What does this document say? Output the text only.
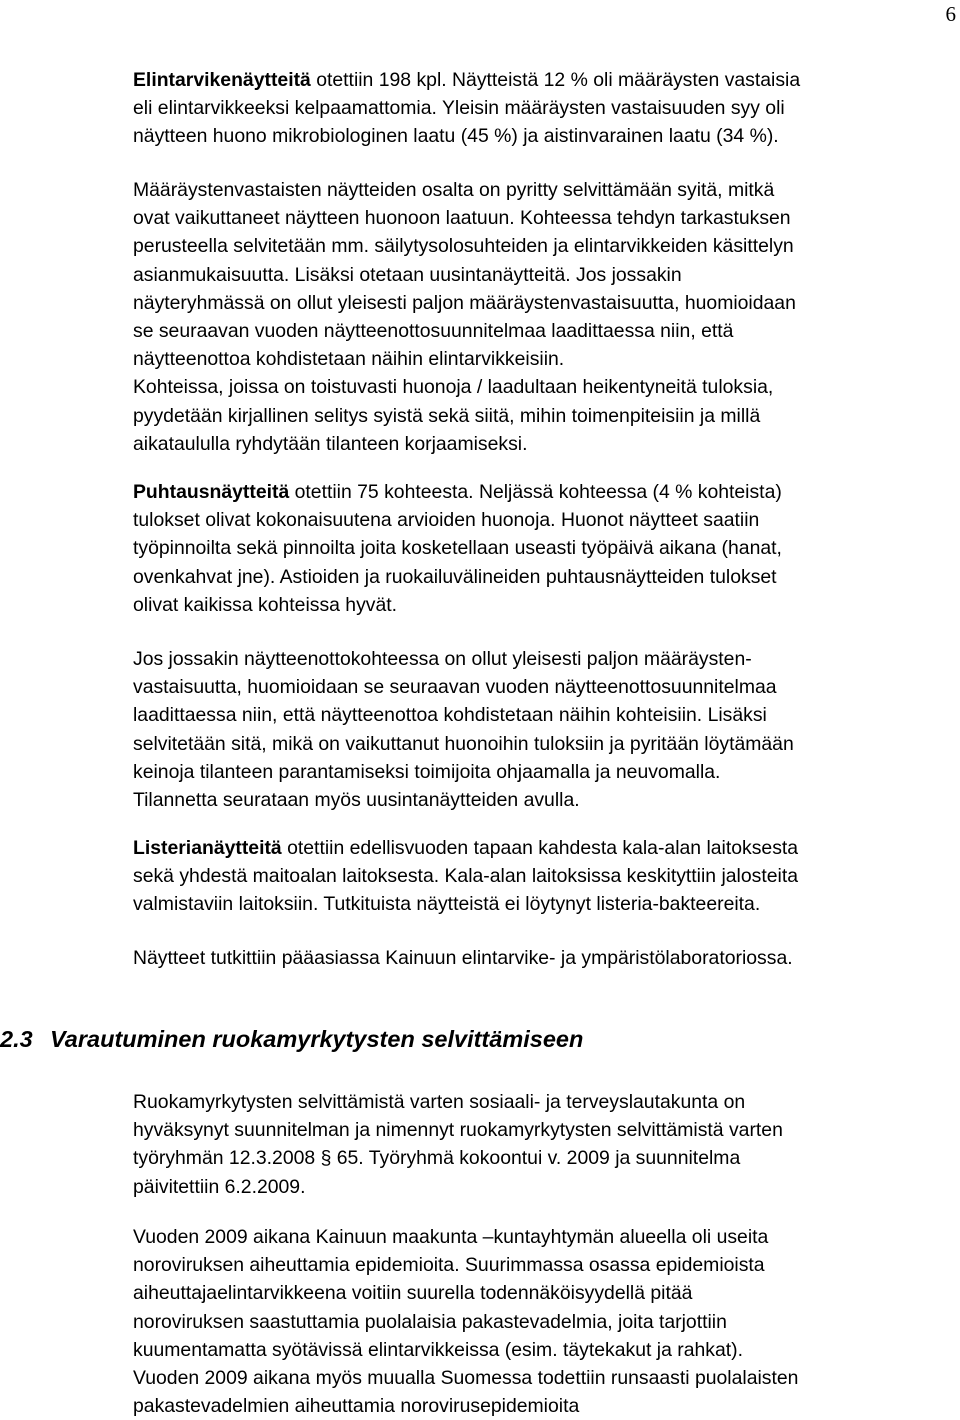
6

Elintarvikenäytteitä otettiin 198 kpl. Näytteistä 12 % oli määräysten vastaisia
eli elintarvikkeeksi kelpaamattomia. Yleisin määräysten vastaisuuden syy oli
näytteen huono mikrobiologinen laatu (45 %) ja aistinvarainen laatu (34 %).

Määräystenvastaisten näytteiden osalta on pyritty selvittämään syitä, mitkä
ovat vaikuttaneet näytteen huonoon laatuun. Kohteessa tehdyn tarkastuksen
perusteella selvitetään mm. säilytysolosuhteiden ja elintarvikkeiden käsittelyn
asianmukaisuutta. Lisäksi otetaan uusintanäytteitä. Jos jossakin
näyteryhmässä on ollut yleisesti paljon määräystenvastaisuutta, huomioidaan
se seuraavan vuoden näytteenottosuunnitelmaa laadittaessa niin, että
näytteenottoa kohdistetaan näihin elintarvikkeisiin.
Kohteissa, joissa on toistuvasti huonoja / laadultaan heikentyneitä tuloksia,
pyydetään kirjallinen selitys syistä sekä siitä, mihin toimenpiteisiin ja millä
aikataululla ryhdytään tilanteen korjaamiseksi.

Puhtausnäytteitä otettiin 75 kohteesta. Neljässä kohteessa (4 % kohteista)
tulokset olivat kokonaisuutena arvioiden huonoja. Huonot näytteet saatiin
työpinnoilta sekä pinnoilta joita kosketellaan useasti työpäivä aikana (hanat,
ovenkahvat jne). Astioiden ja ruokailuvälineiden puhtausnäytteiden tulokset
olivat kaikissa kohteissa hyvät.

Jos jossakin näytteenottokohteessa on ollut yleisesti paljon määräysten-
vastaisuutta, huomioidaan se seuraavan vuoden näytteenottosuunnitelmaa
laadittaessa niin, että näytteenottoa kohdistetaan näihin kohteisiin. Lisäksi
selvitetään sitä, mikä on vaikuttanut huonoihin tuloksiin ja pyritään löytämään
keinoja tilanteen parantamiseksi toimijoita ohjaamalla ja neuvomalla.
Tilannetta seurataan myös uusintanäytteiden avulla.

Listerianäytteitä otettiin edellisvuoden tapaan kahdesta kala-alan laitoksesta
sekä yhdestä maitoalan laitoksesta. Kala-alan laitoksissa keskityttiin jalosteita
valmistaviin laitoksiin. Tutkituista näytteistä ei löytynyt listeria-bakteereita.

Näytteet tutkittiin pääasiassa Kainuun elintarvike- ja ympäristölaboratoriossa.

2.3 Varautuminen ruokamyrkytysten selvittämiseen

Ruokamyrkytysten selvittämistä varten sosiaali- ja terveyslautakunta on
hyväksynyt suunnitelman ja nimennyt ruokamyrkytysten selvittämistä varten
työryhmän 12.3.2008 § 65. Työryhmä kokoontui v. 2009 ja suunnitelma
päivitettiin 6.2.2009.

Vuoden 2009 aikana Kainuun maakunta –kuntayhtymän alueella oli useita
noroviruksen aiheuttamia epidemioita. Suurimmassa osassa epidemioista
aiheuttajaelintarvikkeena voitiin suurella todennäköisyydellä pitää
noroviruksen saastuttamia puolalaisia pakastevadelmia, joita tarjottiin
kuumentamatta syötävissä elintarvikkeissa (esim. täytekakut ja rahkat).
Vuoden 2009 aikana myös muualla Suomessa todettiin runsaasti puolalaisten
pakastevadelmien aiheuttamia norovirusepidemioita
